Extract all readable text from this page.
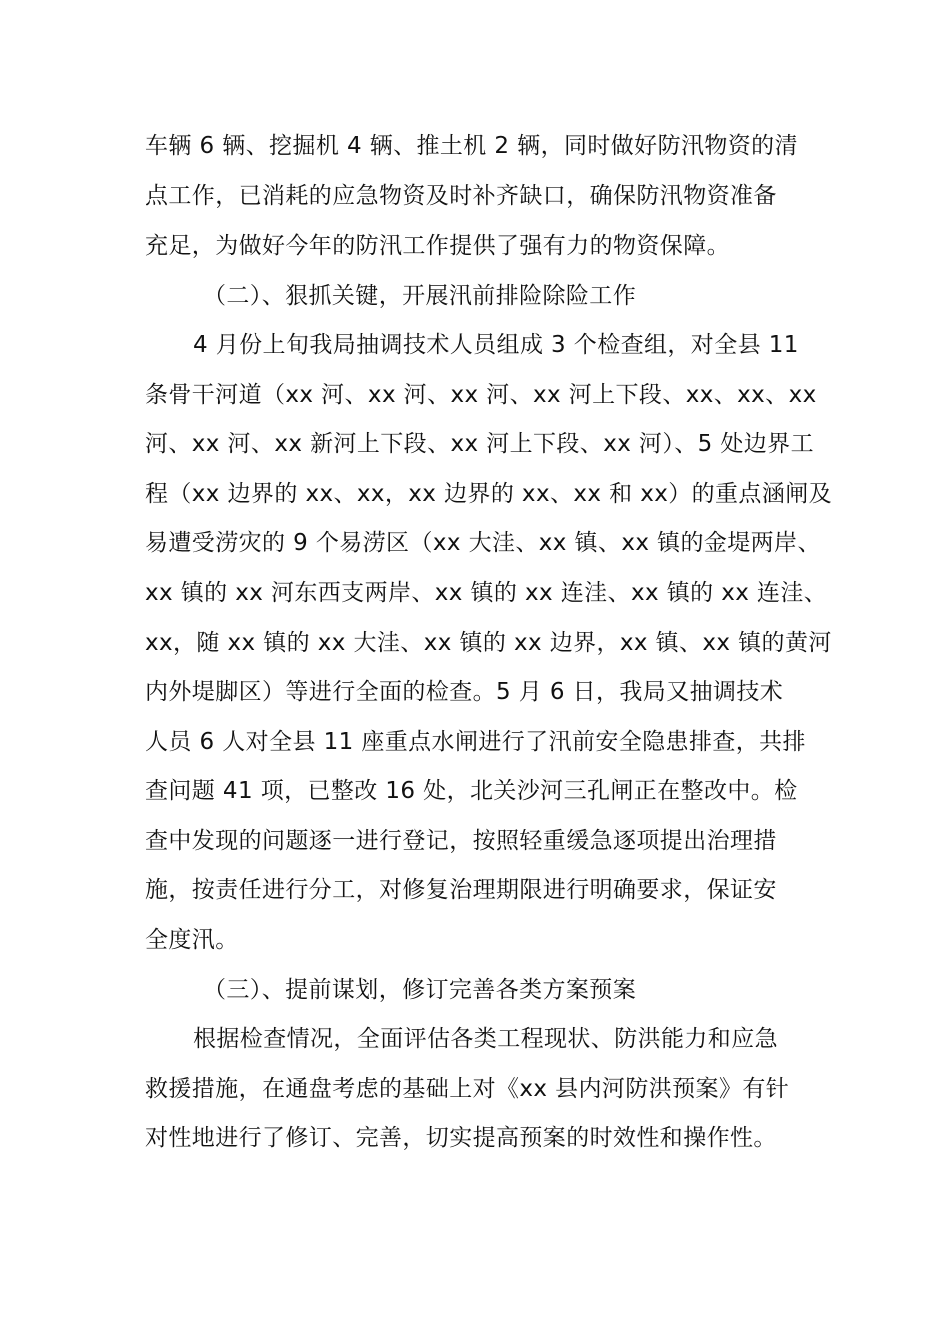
车辆 6 辆、挖掘机 4 辆、推土机 2 辆，同时做好防汛物资的清
点工作，已消耗的应急物资及时补齐缺口，确保防汛物资准备
充足，为做好今年的防汛工作提供了强有力的物资保障。
（二）、狠抓关键，开展汛前排险除险工作
4 月份上旬我局抽调技术人员组成 3 个检查组，对全县 11
条骨干河道（xx 河、xx 河、xx 河、xx 河上下段、xx、xx、xx
河、xx 河、xx 新河上下段、xx 河上下段、xx 河）、5 处边界工
程（xx 边界的 xx、xx，xx 边界的 xx、xx 和 xx）的重点涵闸及
易遭受涝灾的 9 个易涝区（xx 大洼、xx 镇、xx 镇的金堤两岸、
xx 镇的 xx 河东西支两岸、xx 镇的 xx 连洼、xx 镇的 xx 连洼、
xx，随 xx 镇的 xx 大洼、xx 镇的 xx 边界，xx 镇、xx 镇的黄河
内外堤脚区）等进行全面的检查。5 月 6 日，我局又抽调技术
人员 6 人对全县 11 座重点水闸进行了汛前安全隐患排查，共排
查问题 41 项，已整改 16 处，北关沙河三孔闸正在整改中。检
查中发现的问题逐一进行登记，按照轻重缓急逐项提出治理措
施，按责任进行分工，对修复治理期限进行明确要求，保证安
全度汛。
（三）、提前谋划，修订完善各类方案预案
根据检查情况，全面评估各类工程现状、防洪能力和应急
救援措施，在通盘考虑的基础上对《xx 县内河防洪预案》有针
对性地进行了修订、完善，切实提高预案的时效性和操作性。
